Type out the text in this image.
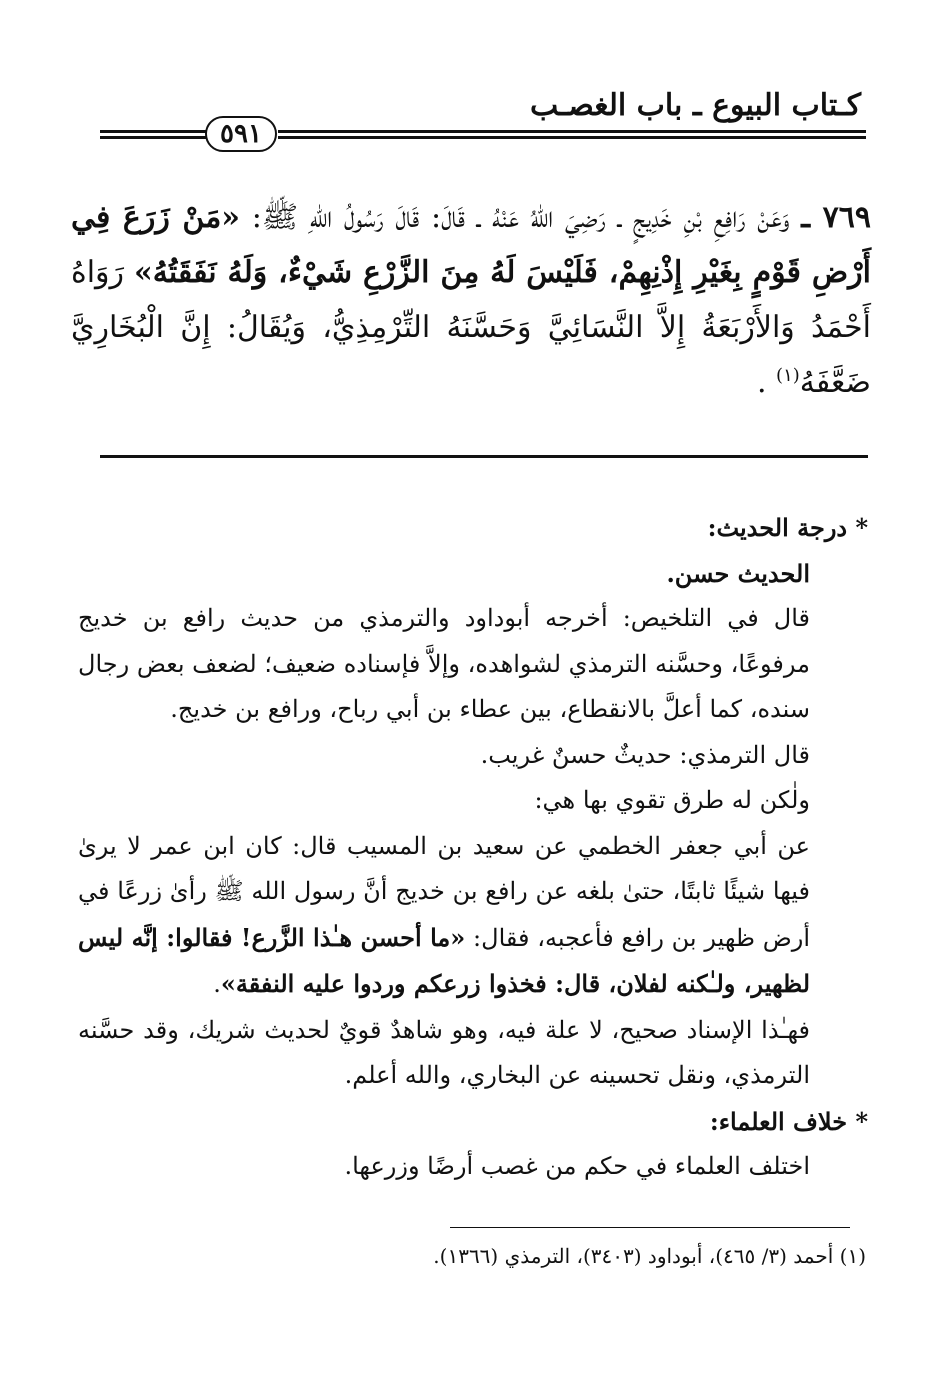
كـتاب البيوع ـ باب الغصـب
٥٩١
٧٦٩ ـ وَعَنْ رَافِعِ بْنِ خَدِيجٍ ـ رَضِيَ اللهُ عَنْهُ ـ قَالَ: قَالَ رَسُولُ اللهِ ﷺ: «مَنْ زَرَعَ فِي أَرْضِ قَوْمٍ بِغَيْرِ إِذْنِهِمْ، فَلَيْسَ لَهُ مِنَ الزَّرْعِ شَيْءٌ، وَلَهُ نَفَقَتُهُ» رَوَاهُ أَحْمَدُ وَالأَرْبَعَةُ إِلاَّ النَّسَائِيَّ وَحَسَّنَهُ التِّرْمِذِيُّ، وَيُقَالُ: إِنَّ الْبُخَارِيَّ ضَعَّفَهُ$^{(١)}$ .

* درجة الحديث:

الحديث حسن.

قال في التلخيص: أخرجه أبوداود والترمذي من حديث رافع بن خديج مرفوعًا، وحسَّنه الترمذي لشواهده، وإلاَّ فإسناده ضعيف؛ لضعف بعض رجال سنده، كما أعلَّ بالانقطاع، بين عطاء بن أبي رباح، ورافع بن خديج.

قال الترمذي: حديثٌ حسنٌ غريب.

ولٰكن له طرق تقوي بها هي:

عن أبي جعفر الخطمي عن سعيد بن المسيب قال: كان ابن عمر لا يرىٰ فيها شيئًا ثابتًا، حتىٰ بلغه عن رافع بن خديج أنَّ رسول الله ﷺ رأىٰ زرعًا في أرض ظهير بن رافع فأعجبه، فقال: «ما أحسن هـٰذا الزَّرع! فقالوا: إنَّه ليس لظهير، ولـٰكنه لفلان، قال: فخذوا زرعكم وردوا عليه النفقة».

فهـٰذا الإسناد صحيح، لا علة فيه، وهو شاهدٌ قويٌ لحديث شريك، وقد حسَّنه الترمذي، ونقل تحسينه عن البخاري، والله أعلم.

* خلاف العلماء:

اختلف العلماء في حكم من غصب أرضًا وزرعها.

(١) أحمد (٣/ ٤٦٥)، أبوداود (٣٤٠٣)، الترمذي (١٣٦٦).
